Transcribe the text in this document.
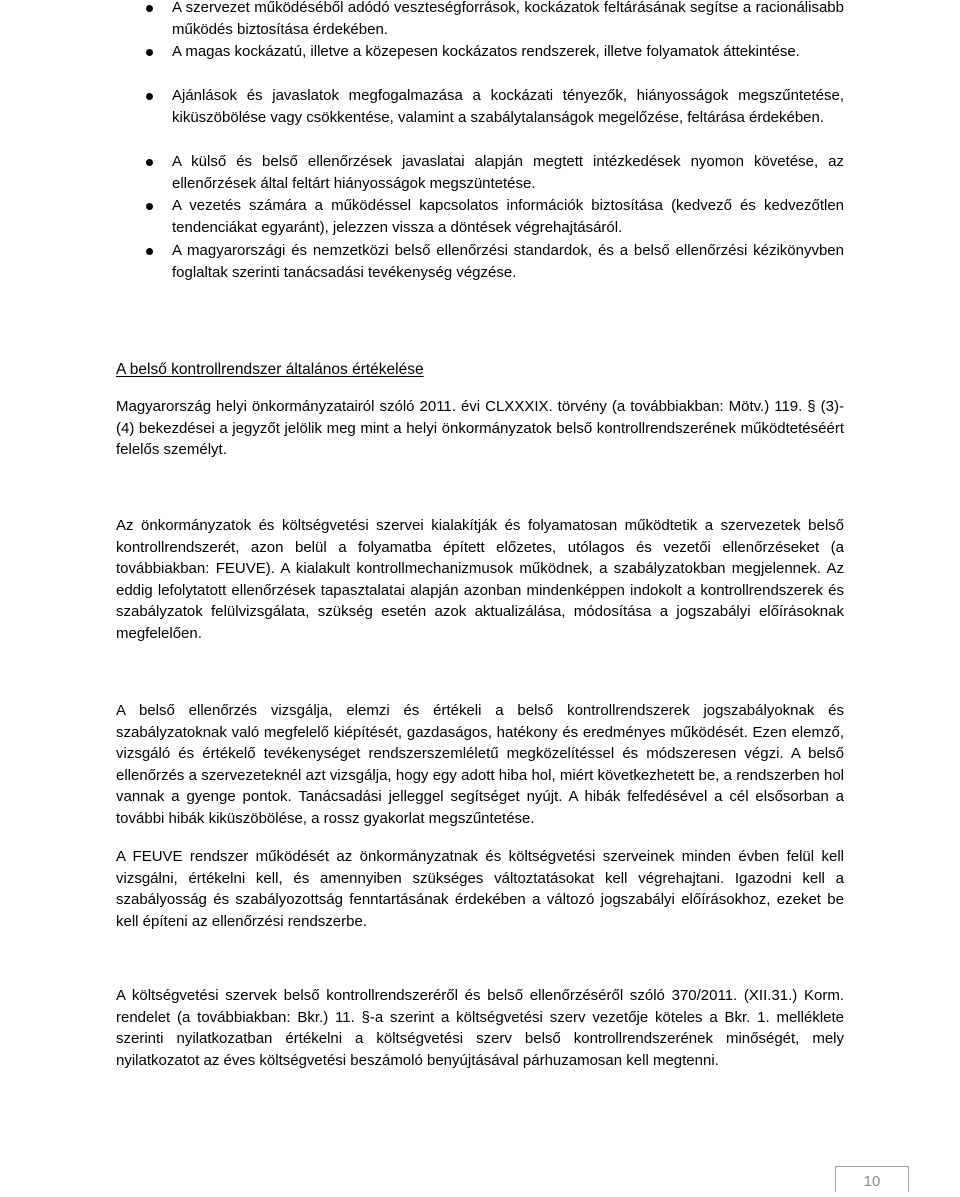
A szervezet működéséből adódó veszteségforrások, kockázatok feltárásának segítse a racionálisabb működés biztosítása érdekében.
A magas kockázatú, illetve a közepesen kockázatos rendszerek, illetve folyamatok áttekintése.
Ajánlások és javaslatok megfogalmazása a kockázati tényezők, hiányosságok megszűntetése, kiküszöbölése vagy csökkentése, valamint a szabálytalanságok megelőzése, feltárása érdekében.
A külső és belső ellenőrzések javaslatai alapján megtett intézkedések nyomon követése, az ellenőrzések által feltárt hiányosságok megszüntetése.
A vezetés számára a működéssel kapcsolatos információk biztosítása (kedvező és kedvezőtlen tendenciákat egyaránt), jelezzen vissza a döntések végrehajtásáról.
A magyarországi és nemzetközi belső ellenőrzési standardok, és a belső ellenőrzési kézikönyvben foglaltak szerinti tanácsadási tevékenység végzése.
A belső kontrollrendszer általános értékelése
Magyarország helyi önkormányzatairól szóló 2011. évi CLXXXIX. törvény (a továbbiakban: Mötv.) 119. § (3)-(4) bekezdései a jegyzőt jelölik meg mint a helyi önkormányzatok belső kontrollrendszerének működtetéséért felelős személyt.
Az önkormányzatok és költségvetési szervei kialakítják és folyamatosan működtetik a szervezetek belső kontrollrendszerét, azon belül a folyamatba épített előzetes, utólagos és vezetői ellenőrzéseket (a továbbiakban: FEUVE). A kialakult kontrollmechanizmusok működnek, a szabályzatokban megjelennek. Az eddig lefolytatott ellenőrzések tapasztalatai alapján azonban mindenképpen indokolt a kontrollrendszerek és szabályzatok felülvizsgálata, szükség esetén azok aktualizálása, módosítása a jogszabályi előírásoknak megfelelően.
A belső ellenőrzés vizsgálja, elemzi és értékeli a belső kontrollrendszerek jogszabályoknak és szabályzatoknak való megfelelő kiépítését, gazdaságos, hatékony és eredményes működését. Ezen elemző, vizsgáló és értékelő tevékenységet rendszerszemléletű megközelítéssel és módszeresen végzi. A belső ellenőrzés a szervezeteknél azt vizsgálja, hogy egy adott hiba hol, miért következhetett be, a rendszerben hol vannak a gyenge pontok. Tanácsadási jelleggel segítséget nyújt. A hibák felfedésével a cél elsősorban a további hibák kiküszöbölése, a rossz gyakorlat megszűntetése.
A FEUVE rendszer működését az önkormányzatnak és költségvetési szerveinek minden évben felül kell vizsgálni, értékelni kell, és amennyiben szükséges változtatásokat kell végrehajtani. Igazodni kell a szabályosság és szabályozottság fenntartásának érdekében a változó jogszabályi előírásokhoz, ezeket be kell építeni az ellenőrzési rendszerbe.
A költségvetési szervek belső kontrollrendszeréről és belső ellenőrzéséről szóló 370/2011. (XII.31.) Korm. rendelet (a továbbiakban: Bkr.) 11. §-a szerint a költségvetési szerv vezetője köteles a Bkr. 1. melléklete szerinti nyilatkozatban értékelni a költségvetési szerv belső kontrollrendszerének minőségét, mely nyilatkozatot az éves költségvetési beszámoló benyújtásával párhuzamosan kell megtenni.
10
